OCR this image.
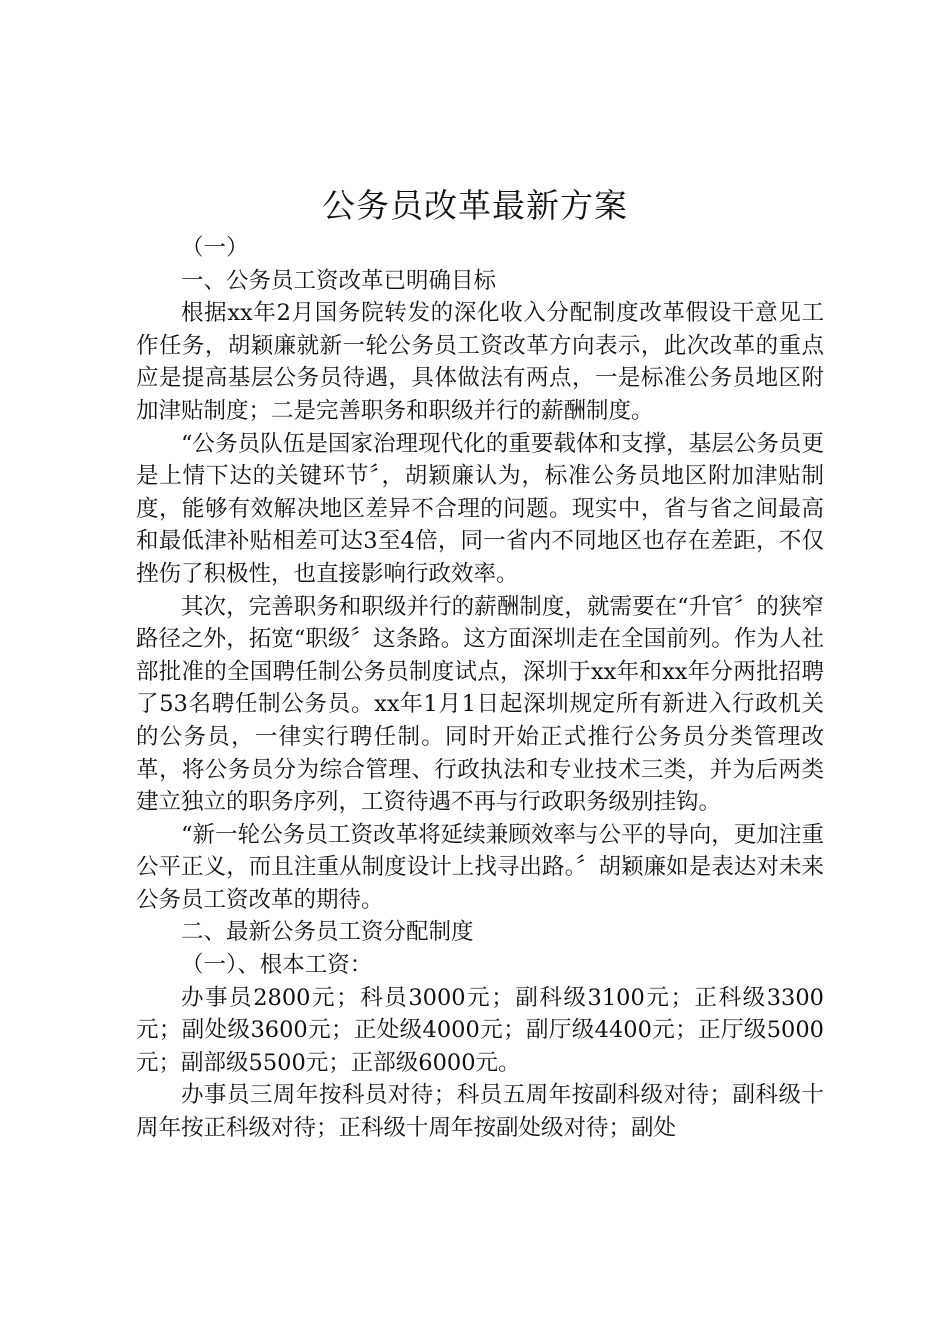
公务员改革最新方案

（一）

一、公务员工资改革已明确目标

根据xx年2月国务院转发的深化收入分配制度改革假设干意见工作任务，胡颖廉就新一轮公务员工资改革方向表示，此次改革的重点应是提高基层公务员待遇，具体做法有两点，一是标准公务员地区附加津贴制度；二是完善职务和职级并行的薪酬制度。

“公务员队伍是国家治理现代化的重要载体和支撑，基层公务员更是上情下达的关键环节〞，胡颖廉认为，标准公务员地区附加津贴制度，能够有效解决地区差异不合理的问题。现实中，省与省之间最高和最低津补贴相差可达3至4倍，同一省内不同地区也存在差距，不仅挫伤了积极性，也直接影响行政效率。

其次，完善职务和职级并行的薪酬制度，就需要在“升官〞的狭窄路径之外，拓宽“职级〞这条路。这方面深圳走在全国前列。作为人社部批准的全国聘任制公务员制度试点，深圳于xx年和xx年分两批招聘了53名聘任制公务员。xx年1月1日起深圳规定所有新进入行政机关的公务员，一律实行聘任制。同时开始正式推行公务员分类管理改革，将公务员分为综合管理、行政执法和专业技术三类，并为后两类建立独立的职务序列，工资待遇不再与行政职务级别挂钩。

“新一轮公务员工资改革将延续兼顾效率与公平的导向，更加注重公平正义，而且注重从制度设计上找寻出路。〞胡颖廉如是表达对未来公务员工资改革的期待。

二、最新公务员工资分配制度

（一）、根本工资：

办事员2800元；科员3000元；副科级3100元；正科级3300元；副处级3600元；正处级4000元；副厅级4400元；正厅级5000元；副部级5500元；正部级6000元。

办事员三周年按科员对待；科员五周年按副科级对待；副科级十周年按正科级对待；正科级十周年按副处级对待；副处
